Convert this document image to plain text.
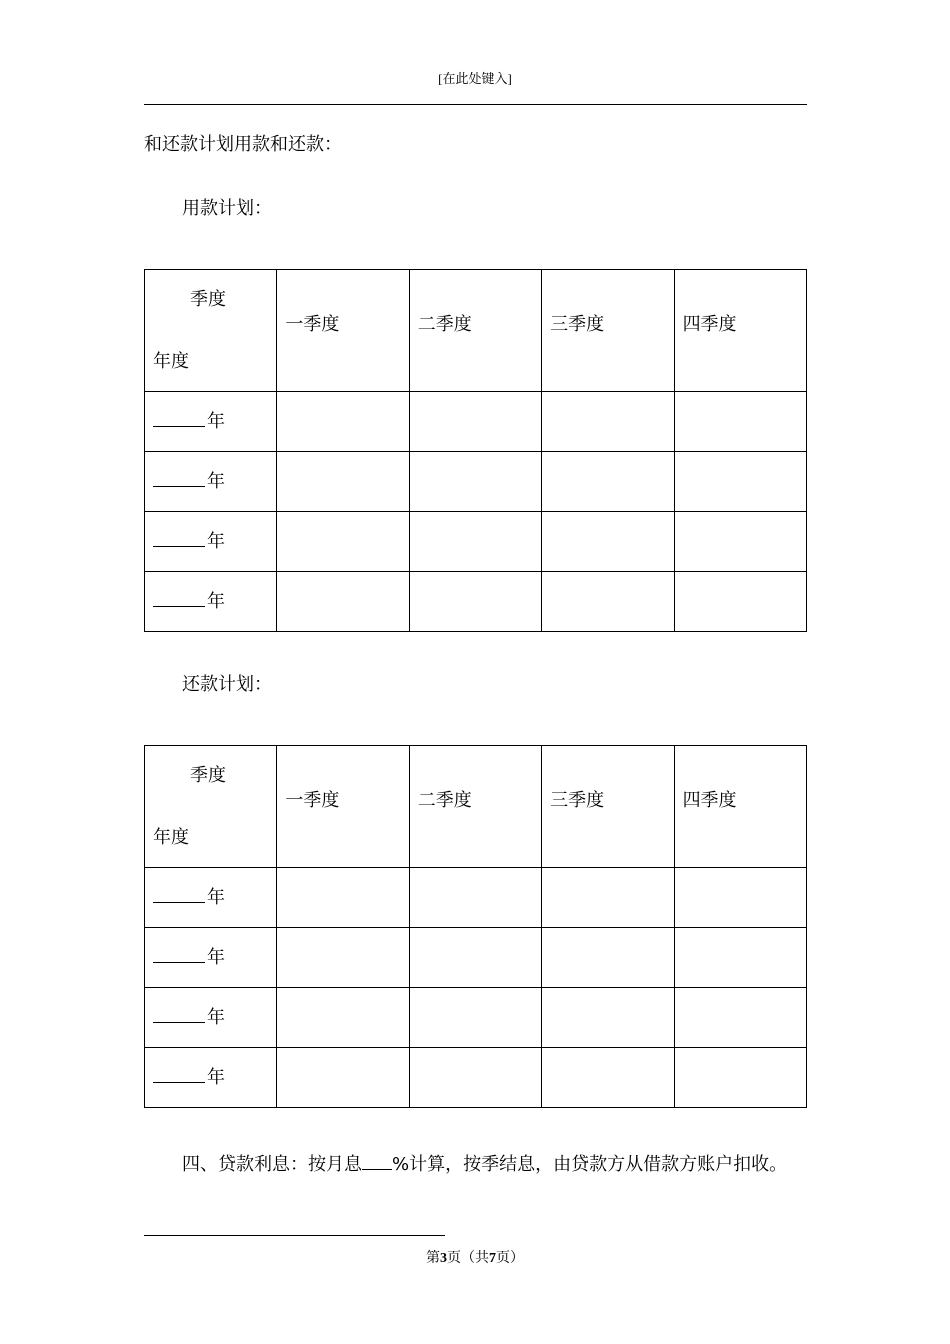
[在此处键入]
和还款计划用款和还款：
用款计划：
季度
年度	一季度	二季度	三季度	四季度

年				

年				

年				

年				

还款计划：
季度
年度	一季度	二季度	三季度	四季度

年				

年				

年				

年				

四、贷款利息：按月息 %计算，按季结息，由贷款方从借款方账户扣收。
第3页（共7页）
